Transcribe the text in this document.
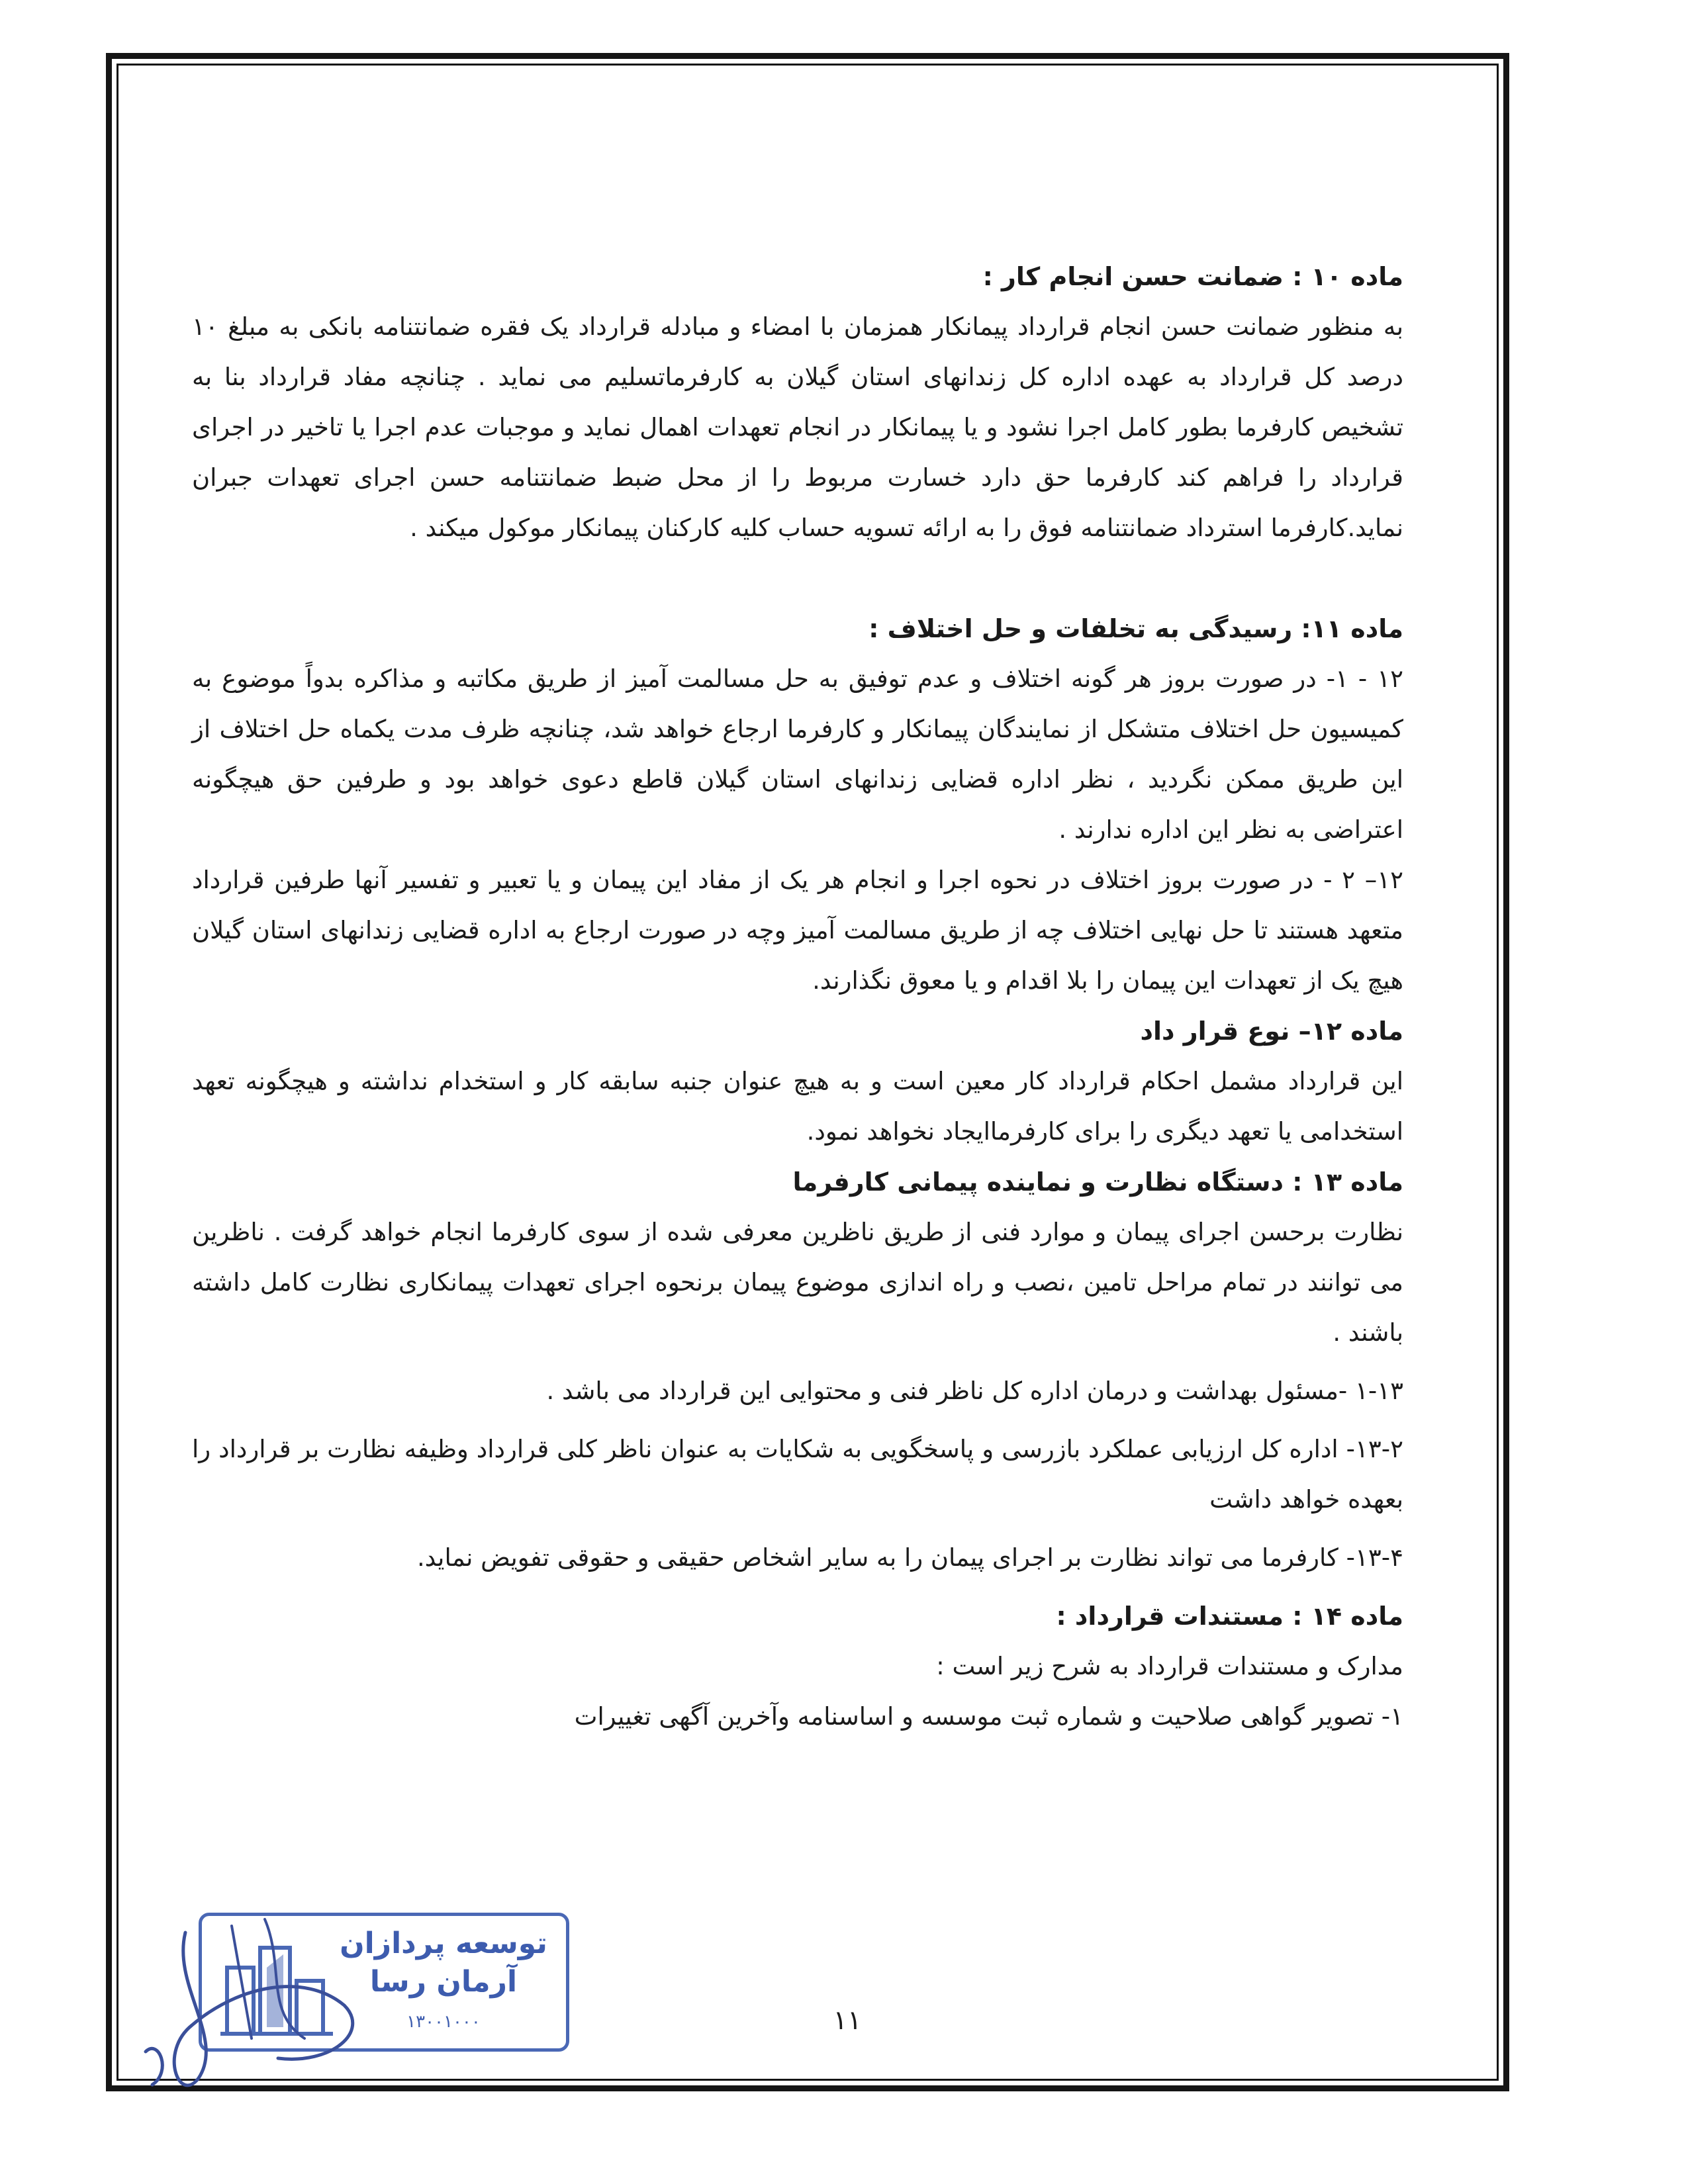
ماده ۱۰ : ضمانت حسن انجام کار :

به منظور ضمانت حسن انجام قرارداد پیمانکار همزمان با امضاء و مبادله قرارداد یک فقره ضمانتنامه بانکی به مبلغ ۱۰ درصد کل قرارداد به عهده اداره کل زندانهای استان گیلان به کارفرماتسلیم می نماید . چنانچه مفاد قرارداد بنا به تشخیص کارفرما بطور کامل اجرا نشود و یا پیمانکار در انجام تعهدات اهمال نماید و موجبات عدم اجرا یا تاخیر در اجرای قرارداد را فراهم کند کارفرما حق دارد خسارت مربوط را از محل ضبط ضمانتنامه حسن اجرای تعهدات جبران نماید.کارفرما استرداد ضمانتنامه فوق را به ارائه تسویه حساب کلیه کارکنان پیمانکار موکول میکند .

ماده ۱۱: رسیدگی به تخلفات و حل اختلاف :

۱۲ - ۱- در صورت بروز هر گونه اختلاف و عدم توفیق به حل مسالمت آمیز از طریق مکاتبه و مذاکره بدواً موضوع به کمیسیون حل اختلاف متشکل از نمایندگان پیمانکار و کارفرما ارجاع خواهد شد، چنانچه ظرف مدت یکماه حل اختلاف از این طریق ممکن نگردید ، نظر اداره قضایی زندانهای استان گیلان قاطع دعوی خواهد بود و طرفین حق هیچگونه اعتراضی به نظر این اداره ندارند .

۱۲– ۲ - در صورت بروز اختلاف در نحوه اجرا و انجام هر یک از مفاد این پیمان و یا تعبیر و تفسیر آنها طرفین قرارداد متعهد هستند تا حل نهایی اختلاف چه از طریق مسالمت آمیز وچه در صورت ارجاع به اداره قضایی زندانهای استان گیلان هیچ یک از تعهدات این پیمان را بلا اقدام و یا معوق نگذارند.

ماده ۱۲– نوع قرار داد

این قرارداد مشمل احکام قرارداد کار معین است و به هیچ عنوان جنبه سابقه کار و استخدام نداشته و هیچگونه تعهد استخدامی یا تعهد دیگری را برای کارفرماایجاد نخواهد نمود.

ماده ۱۳ : دستگاه نظارت و نماینده پیمانی کارفرما

نظارت برحسن اجرای پیمان و موارد فنی از طریق ناظرین معرفی شده از سوی کارفرما انجام خواهد گرفت . ناظرین می توانند در تمام مراحل تامین ،نصب و راه اندازی موضوع پیمان برنحوه اجرای تعهدات پیمانکاری نظارت کامل داشته باشند .

۱-۱۳ -مسئول بهداشت و درمان اداره کل ناظر فنی و محتوایی این قرارداد می باشد .

۱۳-۲- اداره کل ارزیابی عملکرد بازرسی و پاسخگویی به شکایات به عنوان ناظر کلی قرارداد وظیفه نظارت بر قرارداد را بعهده خواهد داشت

۱۳-۴- کارفرما می تواند نظارت بر اجرای پیمان را به سایر اشخاص حقیقی و حقوقی تفویض نماید.

ماده ۱۴ : مستندات قرارداد :

مدارک و مستندات قرارداد به شرح زیر است :

۱- تصویر گواهی صلاحیت و شماره ثبت موسسه و اساسنامه وآخرین آگهی تغییرات

توسعه پردازان
آرمان رسا
۱۳۰۰۱۰۰۰	۱۱
